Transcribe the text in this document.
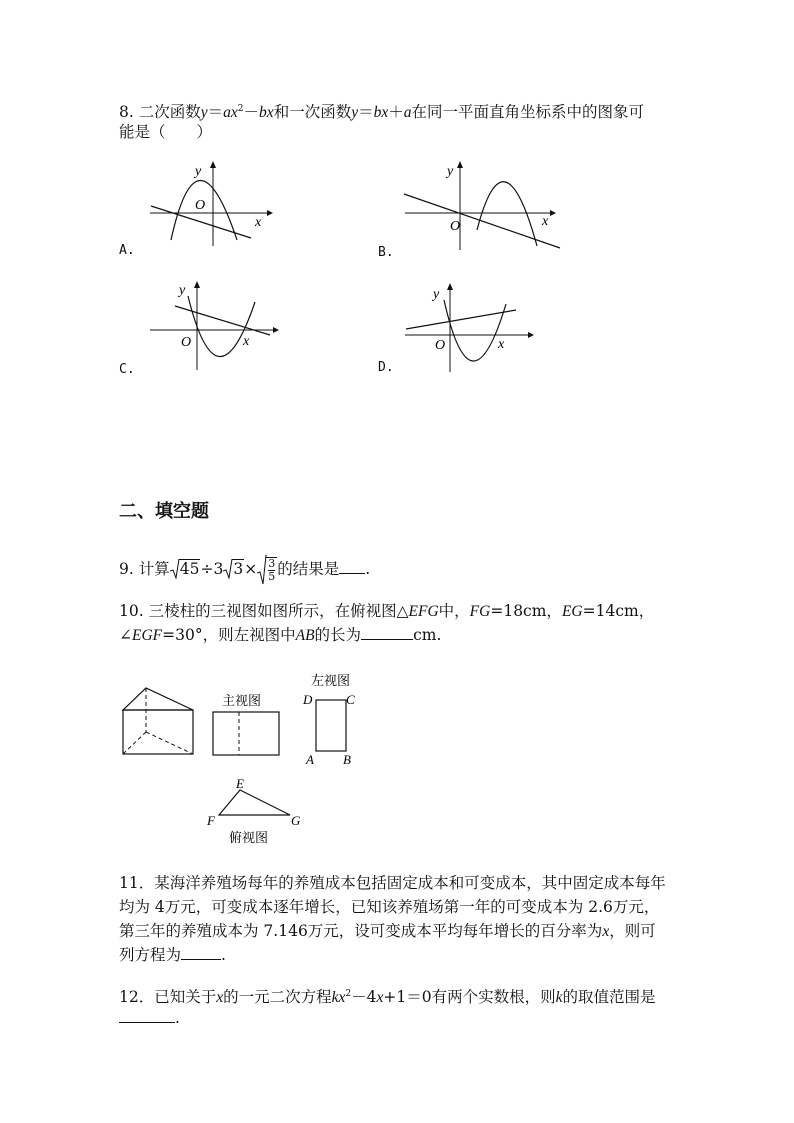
8. 二次函数$y=ax^2-bx$和一次函数y＝bx＋a在同一平面直角坐标系中的图象可
能是（　　）
x
y
O
A.
x
y
O
B.
x
y
O
C.
x
y
O
D.
二、填空题
9. 计算 45÷3 $3\times \frac{3}{5}$ 的结果是 .
10. 三棱柱的三视图如图所示，在俯视图△EFG中，FG=18cm，EG=14cm，
∠EGF=30°，则左视图中AB的长为	cm.
主视图
左视图
D	C
A B
E
F	G
俯视图
11．某海洋养殖场每年的养殖成本包括固定成本和可变成本，其中固定成本每年
均为 4万元，可变成本逐年增长，已知该养殖场第一年的可变成本为 2.6万元，
第三年的养殖成本为 7.146万元，设可变成本平均每年增长的百分率为x，则可
列方程为	.
12．已知关于x的一元二次方程$kx^2-4x+1=0$有两个实数根，则k的取值范围是
.
